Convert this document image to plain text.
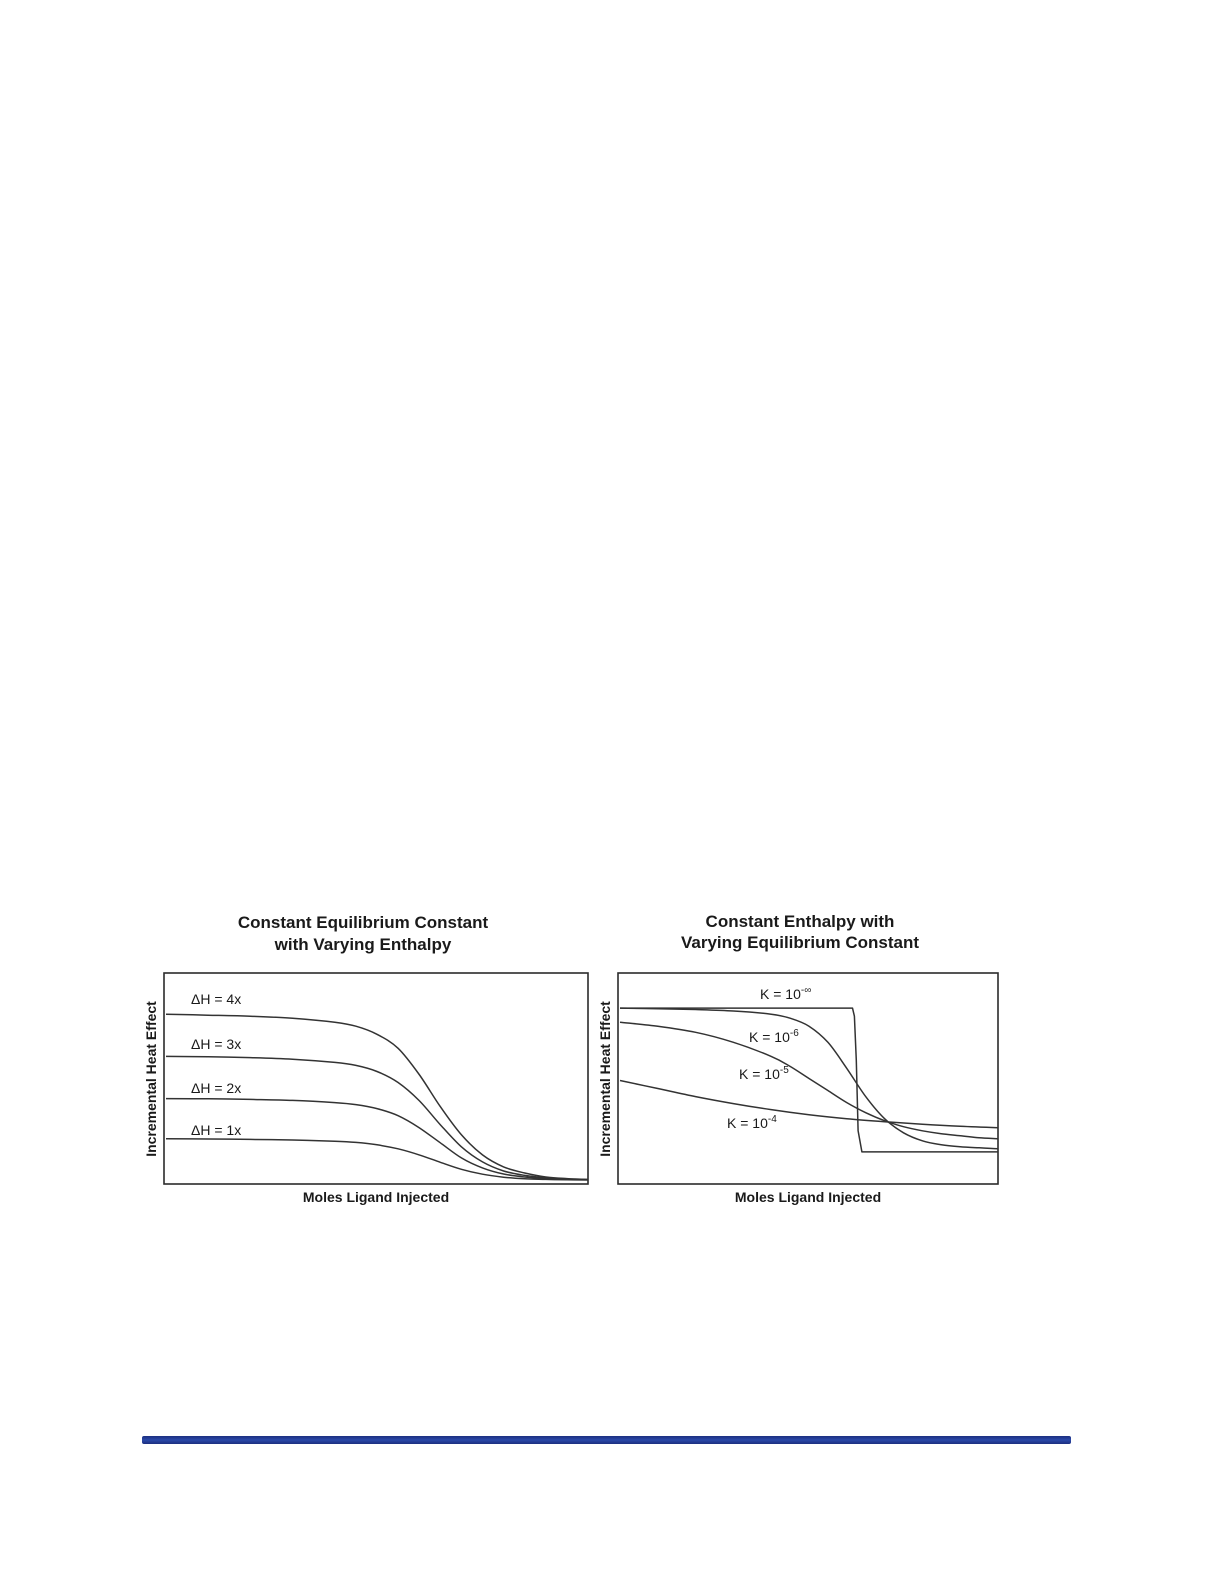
Constant Equilibrium Constant
with Varying Enthalpy
Incremental Heat Effect
Moles Ligand Injected
ΔH = 4x
ΔH = 3x
ΔH = 2x
ΔH = 1x
Constant Enthalpy with
Varying Equilibrium Constant
Incremental Heat Effect
Moles Ligand Injected
K = 10-∞
$K = 10^{-6}$
$K = 10^{-5}$
$K = 10^{-4}$
